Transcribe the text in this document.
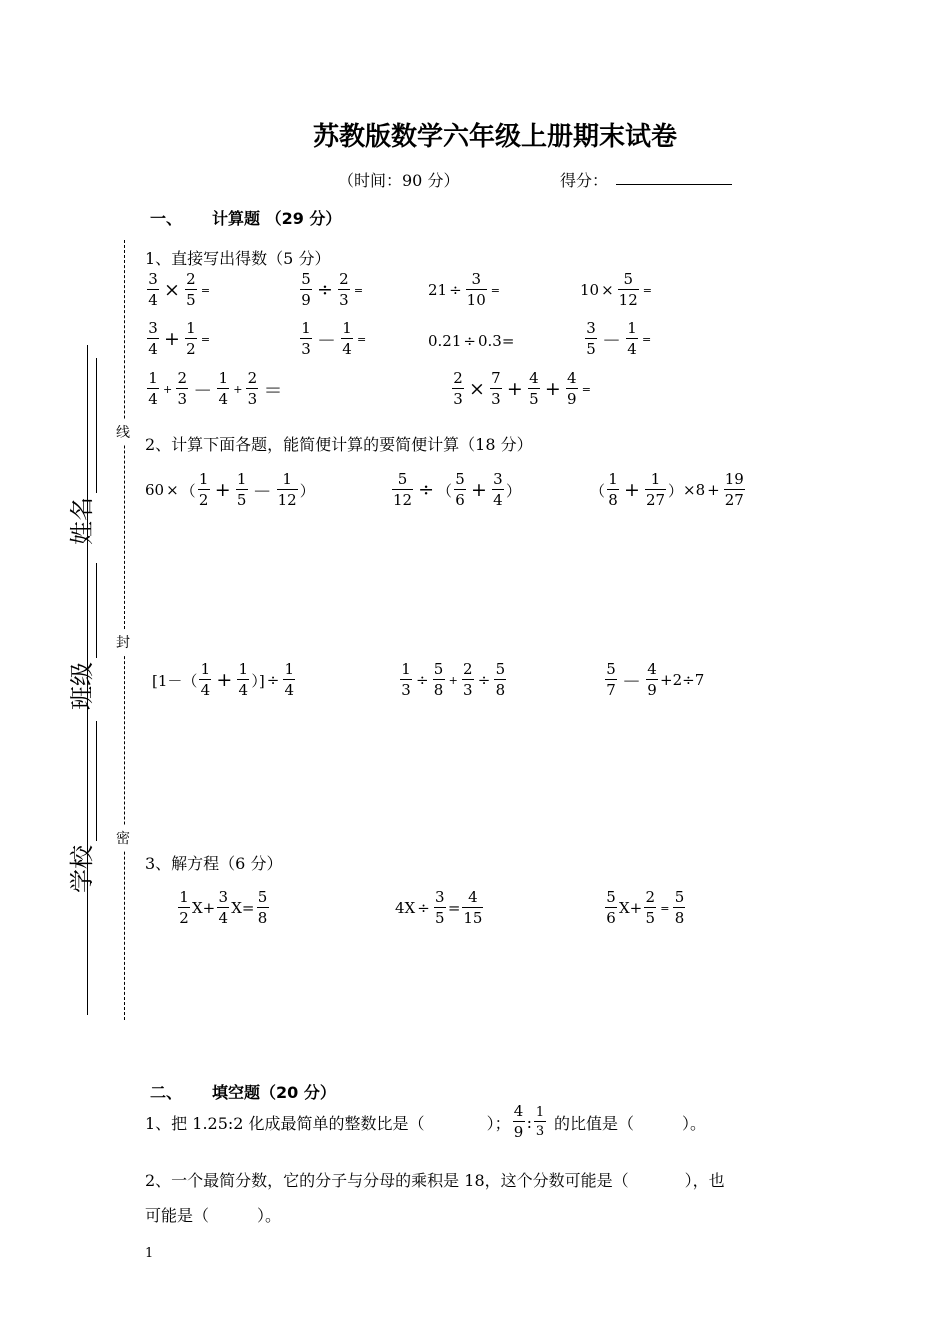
苏教版数学六年级上册期末试卷
（时间：90 分）	得分：
一、 计算题 （29 分）
线
封
密
姓名
班级
学校
1、直接写出得数（5 分）
$\frac{3}{4} \times \frac{2}{5}$ =	$\frac{5}{9} \div \frac{2}{3}$ =	$21 \div \frac{3}{10}$ =	$10 \times \frac{5}{12}$ =
$\frac{3}{4} + \frac{1}{2}$ =	$\frac{1}{3} - \frac{1}{4}$ =	0.21 ÷ 0.3 =	$\frac{3}{5} - \frac{1}{4}$ =
$\frac{1}{4} + \frac{2}{3} - \frac{1}{4} + \frac{2}{3}$ ＝	$\frac{2}{3} \times \frac{7}{3} + \frac{4}{5} + \frac{4}{9}$ =
2、计算下面各题，能简便计算的要简便计算（18 分）
60 × （ $\frac{1}{2} + \frac{1}{5} - \frac{1}{12}$ ）	$\frac{5}{12}$ ÷ （ $\frac{5}{6} + \frac{3}{4}$ ）	（ $\frac{1}{8} + \frac{1}{27}$ ） $\times 8 + \frac{19}{27}$
[$1-( \frac{1}{4} + \frac{1}{4}$ ）] ÷ $\frac{1}{4}$	$\frac{1}{3} \div \frac{5}{8} + \frac{2}{3} \div \frac{5}{8}$	$\frac{5}{7} - \frac{4}{9} +2\div 7$
3、解方程（6 分）
$\frac{1}{2} X+ \frac{3}{4} X= \frac{5}{8}$	$4X \div \frac{3}{5} = \frac{4}{15}$	$\frac{5}{6} X+ \frac{2}{5} = \frac{5}{8}$
二、 填空题（20 分）
1、把 1.25:2 化成最简单的整数比是（	）； $\frac{4}{9}$ : $\frac{1}{3}$ 的比值是（	）。
2、一个最简分数，它的分子与分母的乘积是 18，这个分数可能是（	），也
可能是（	）。
1
